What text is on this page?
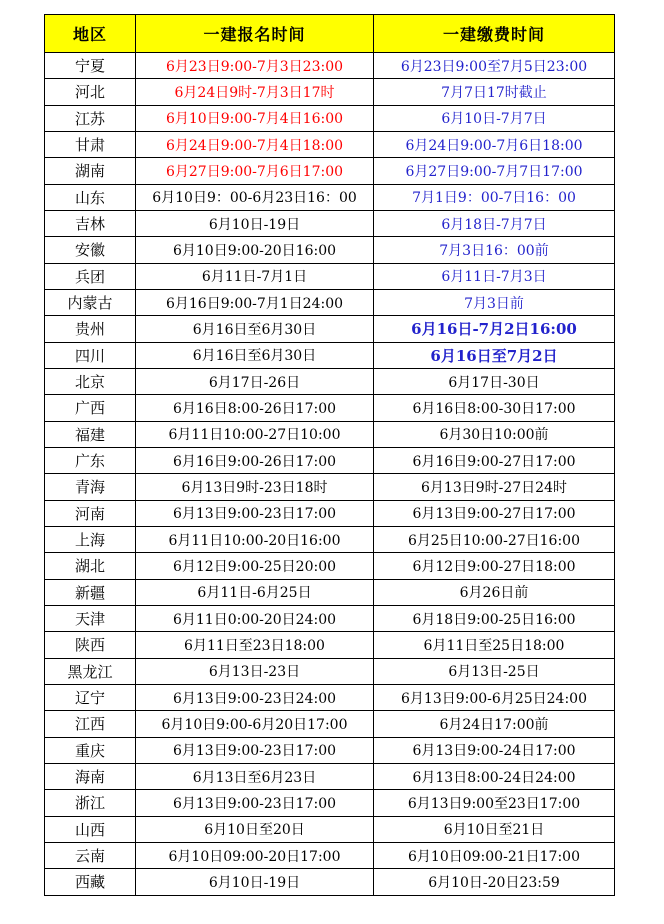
地区	一建报名时间	一建缴费时间
宁夏	6月23日9:00-7月3日23:00	6月23日9:00至7月5日23:00
河北	6月24日9时-7月3日17时	7月7日17时截止
江苏	6月10日9:00-7月4日16:00	6月10日-7月7日
甘肃	6月24日9:00-7月4日18:00	6月24日9:00-7月6日18:00
湖南	6月27日9:00-7月6日17:00	6月27日9:00-7月7日17:00
山东	6月10日9：00-6月23日16：00	7月1日9：00-7日16：00
吉林	6月10日-19日	6月18日-7月7日
安徽	6月10日9:00-20日16:00	7月3日16：00前
兵团	6月11日-7月1日	6月11日-7月3日
内蒙古	6月16日9:00-7月1日24:00	7月3日前
贵州	6月16日至6月30日	6月16日-7月2日16:00
四川	6月16日至6月30日	6月16日至7月2日
北京	6月17日-26日	6月17日-30日
广西	6月16日8:00-26日17:00	6月16日8:00-30日17:00
福建	6月11日10:00-27日10:00	6月30日10:00前
广东	6月16日9:00-26日17:00	6月16日9:00-27日17:00
青海	6月13日9时-23日18时	6月13日9时-27日24时
河南	6月13日9:00-23日17:00	6月13日9:00-27日17:00
上海	6月11日10:00-20日16:00	6月25日10:00-27日16:00
湖北	6月12日9:00-25日20:00	6月12日9:00-27日18:00
新疆	6月11日-6月25日	6月26日前
天津	6月11日0:00-20日24:00	6月18日9:00-25日16:00
陕西	6月11日至23日18:00	6月11日至25日18:00
黑龙江	6月13日-23日	6月13日-25日
辽宁	6月13日9:00-23日24:00	6月13日9:00-6月25日24:00
江西	6月10日9:00-6月20日17:00	6月24日17:00前
重庆	6月13日9:00-23日17:00	6月13日9:00-24日17:00
海南	6月13日至6月23日	6月13日8:00-24日24:00
浙江	6月13日9:00-23日17:00	6月13日9:00至23日17:00
山西	6月10日至20日	6月10日至21日
云南	6月10日09:00-20日17:00	6月10日09:00-21日17:00
西藏	6月10日-19日	6月10日-20日23:59
